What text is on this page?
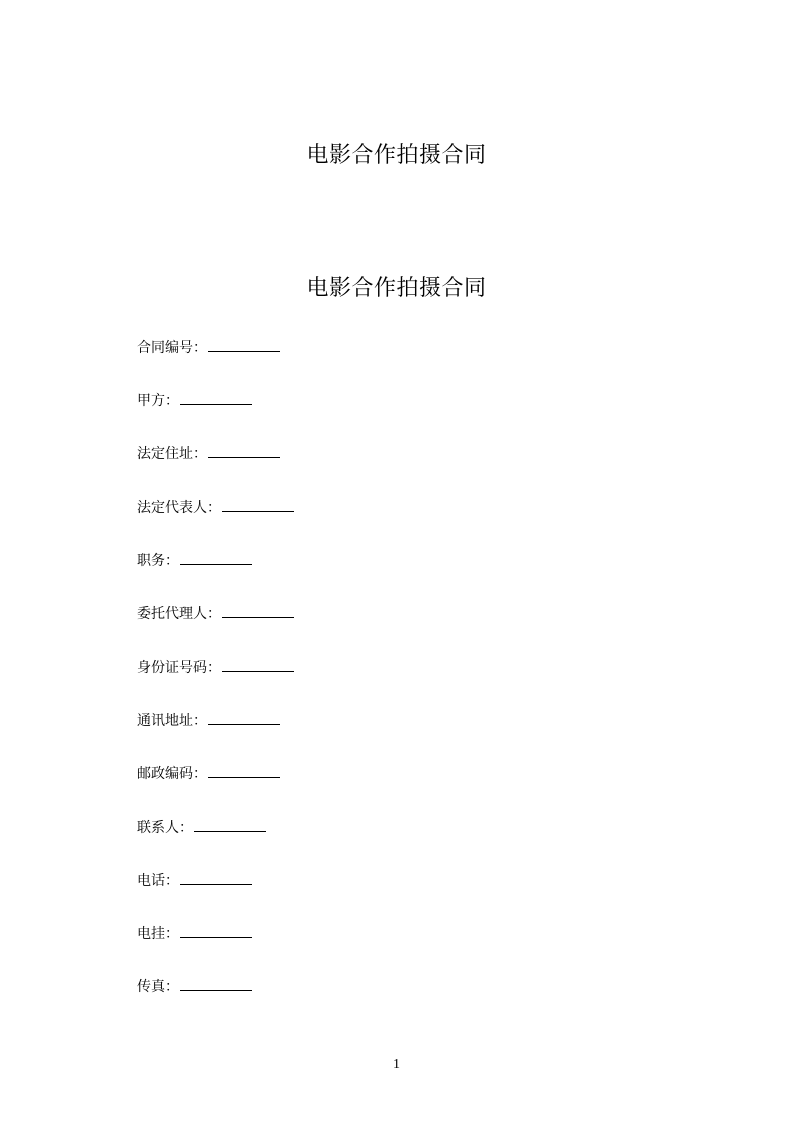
电影合作拍摄合同
电影合作拍摄合同
合同编号：
甲方：
法定住址：
法定代表人：
职务：
委托代理人：
身份证号码：
通讯地址：
邮政编码：
联系人：
电话：
电挂：
传真：
1
